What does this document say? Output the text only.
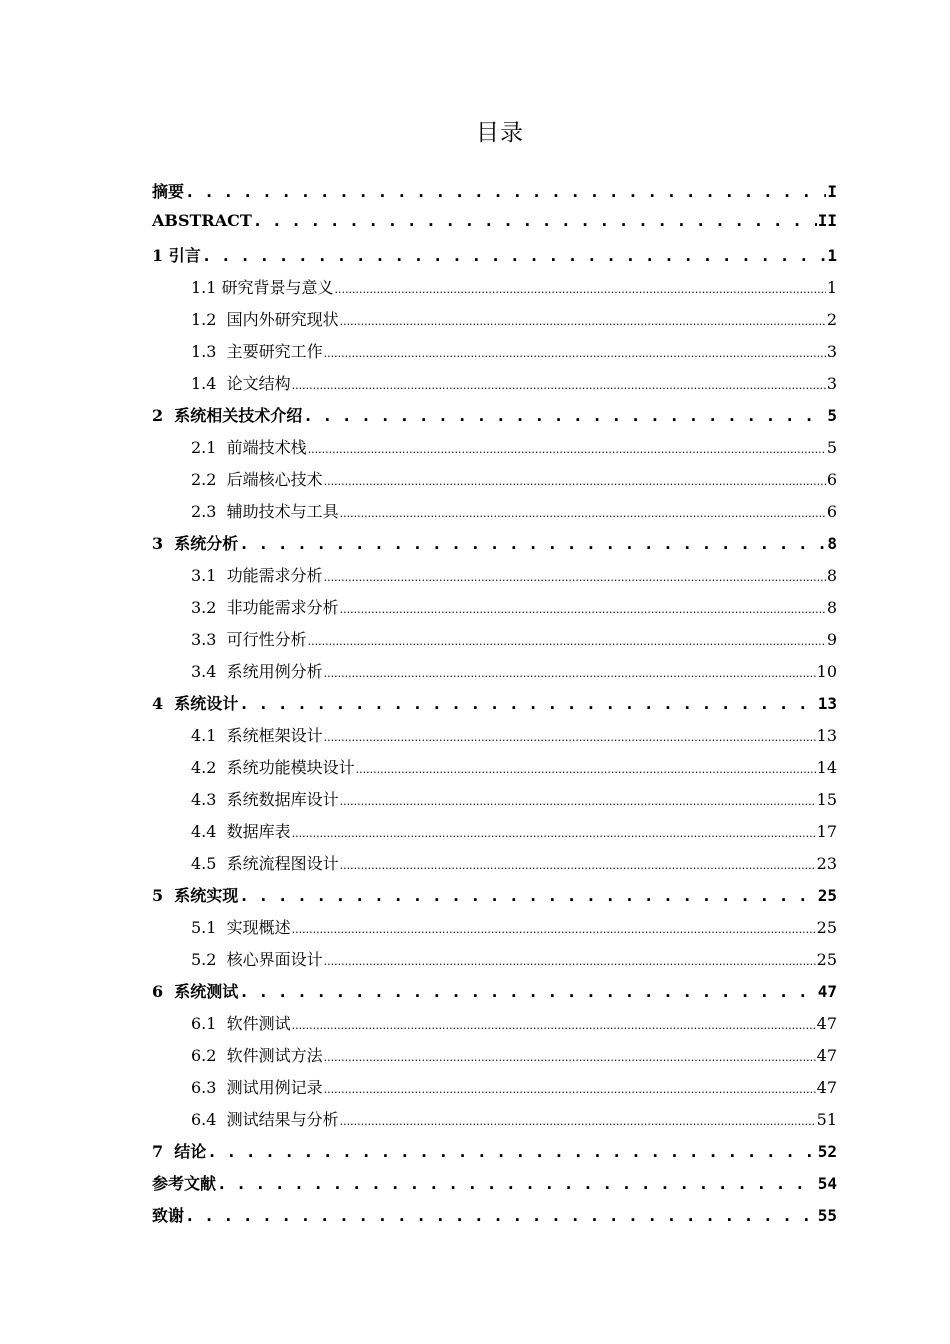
目录
摘要 . . .	I
ABSTRACT . . .	II
1 引言 . . .	1
1.1 研究背景与意义 .....	1
1.2  国内外研究现状 .....	2
1.3  主要研究工作 .....	3
1.4  论文结构 .....	3
2  系统相关技术介绍 . . .	5
2.1  前端技术栈 .....	5
2.2  后端核心技术 .....	6
2.3  辅助技术与工具 .....	6
3  系统分析 . . .	8
3.1  功能需求分析 .....	8
3.2  非功能需求分析 .....	8
3.3  可行性分析 .....	9
3.4  系统用例分析 .....	10
4  系统设计 . . .	13
4.1  系统框架设计 .....	13
4.2  系统功能模块设计 .....	14
4.3  系统数据库设计 .....	15
4.4  数据库表 .....	17
4.5  系统流程图设计 .....	23
5  系统实现 . . .	25
5.1  实现概述 .....	25
5.2  核心界面设计 .....	25
6  系统测试 . . .	47
6.1  软件测试 .....	47
6.2  软件测试方法 .....	47
6.3  测试用例记录 .....	47
6.4  测试结果与分析 .....	51
7  结论 . . .	52
参考文献 . . .	54
致谢 . . .	55
